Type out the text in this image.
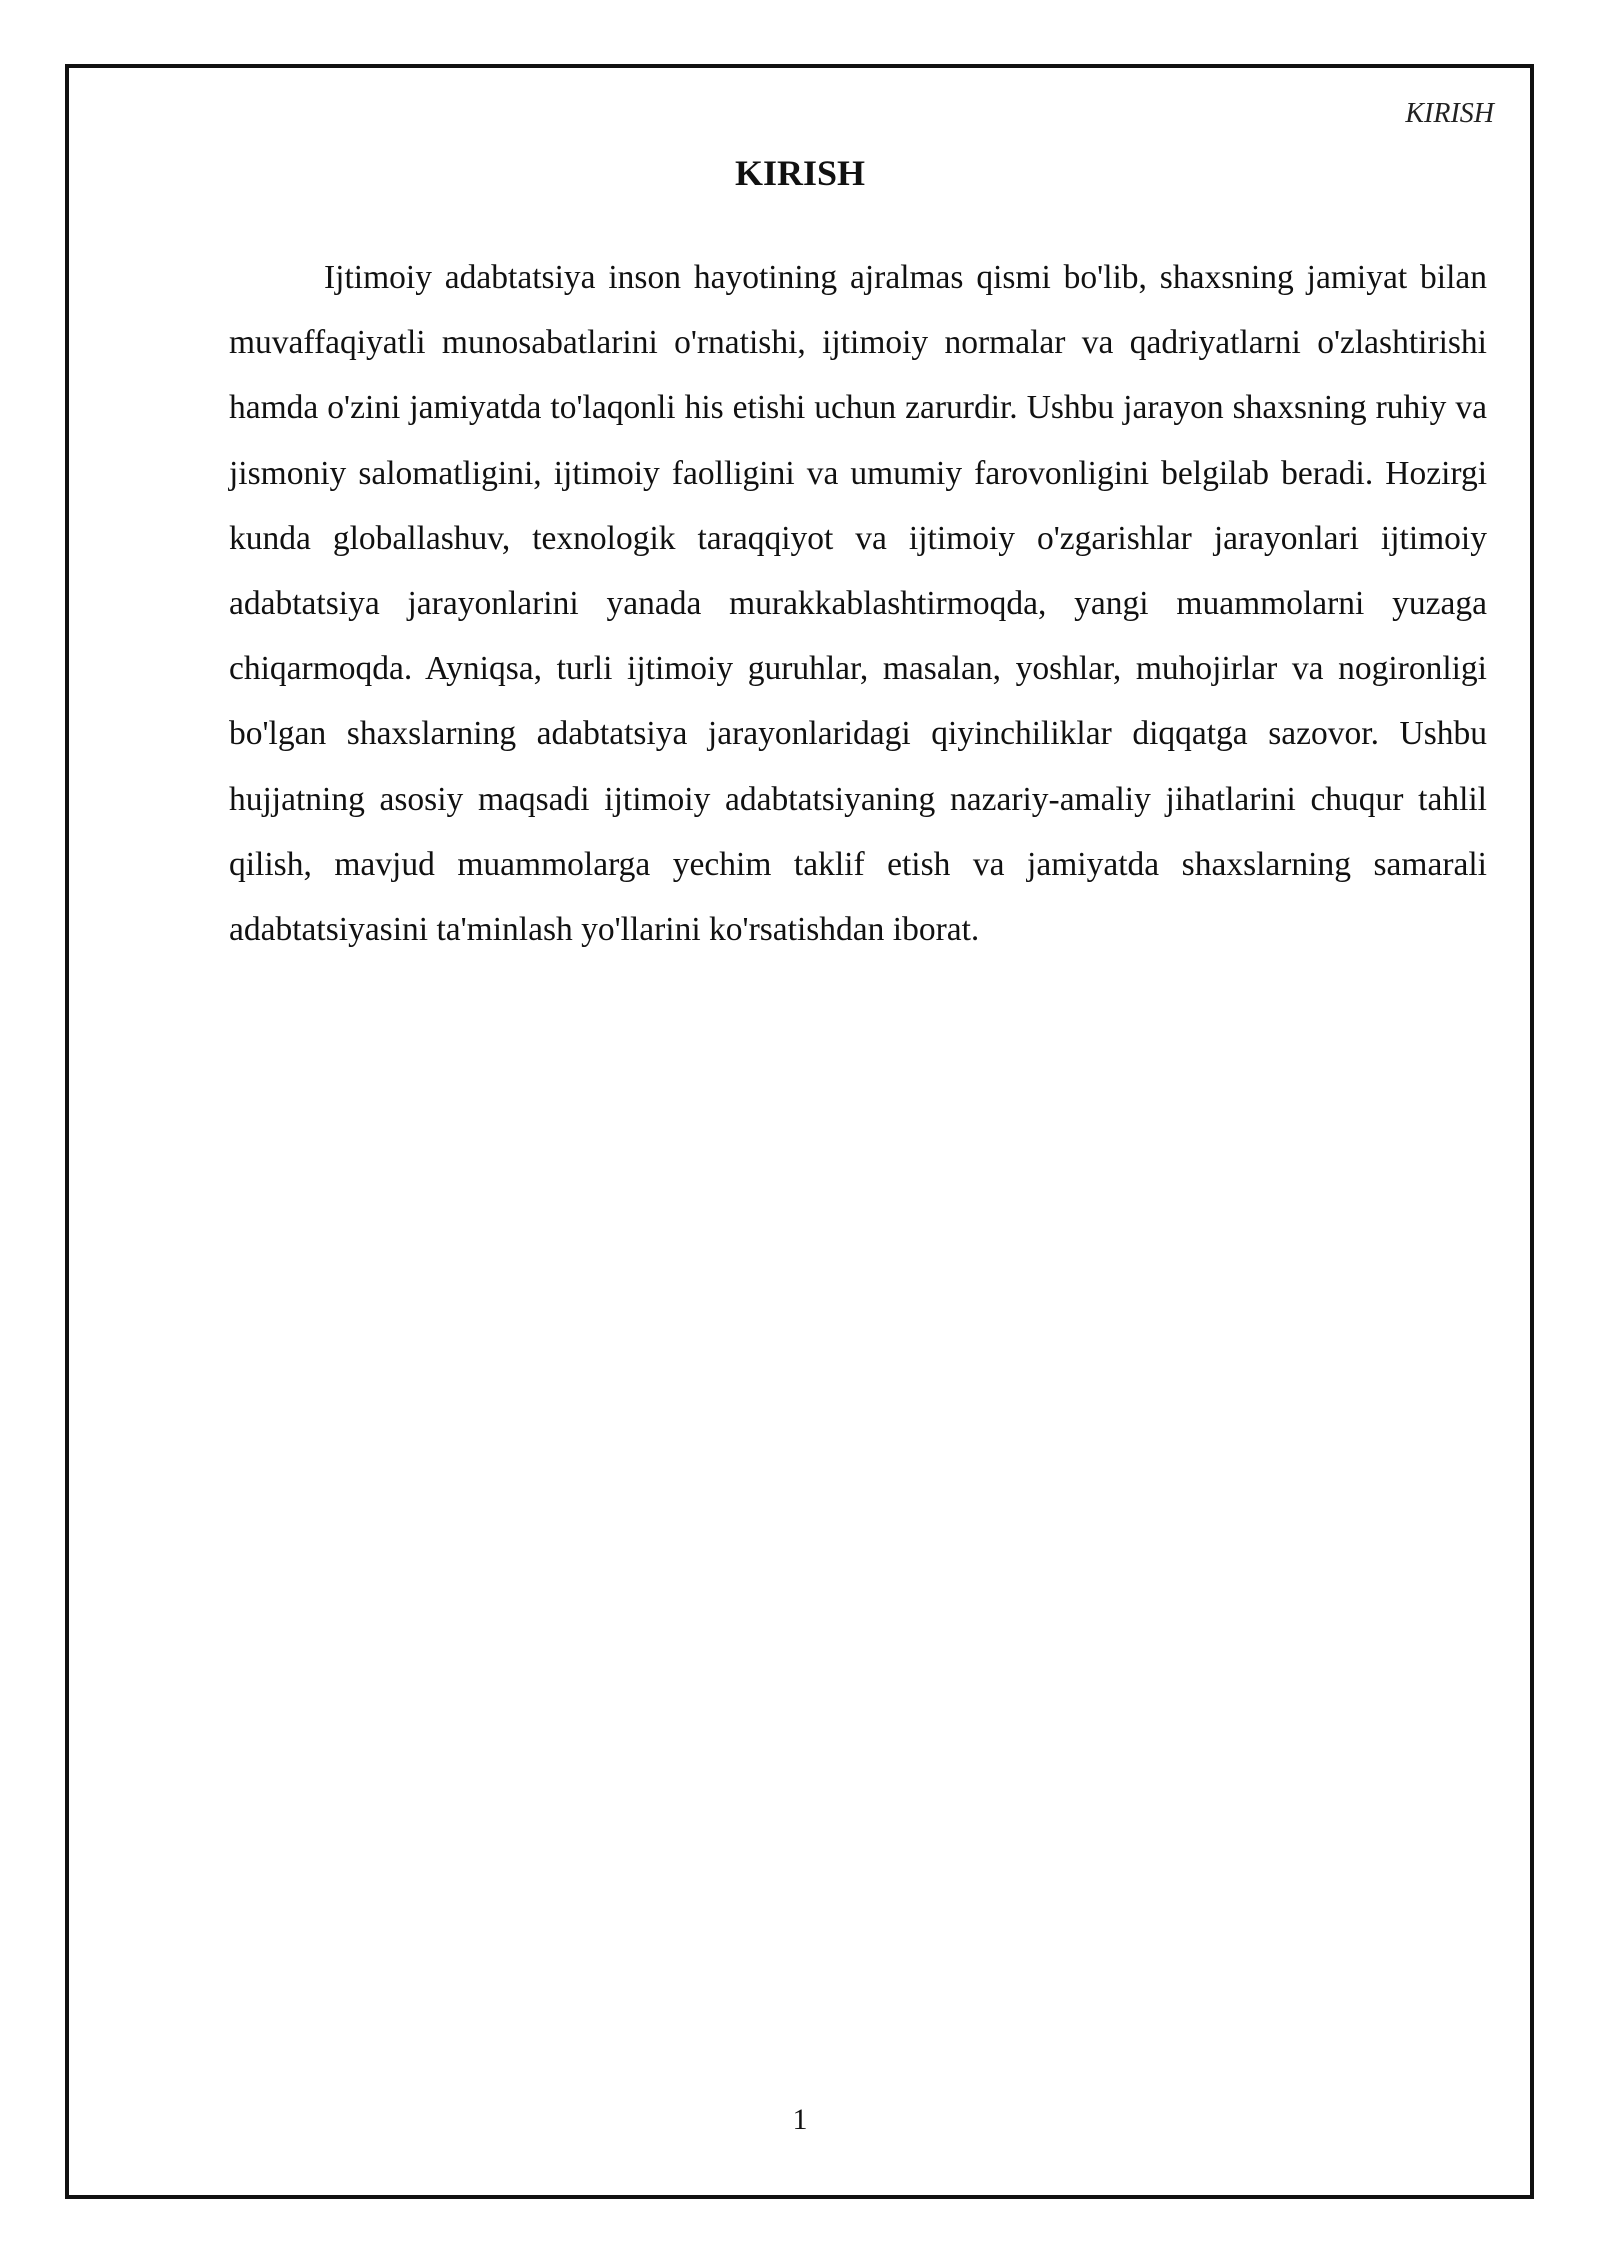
KIRISH
KIRISH

Ijtimoiy adabtatsiya inson hayotining ajralmas qismi bo'lib, shaxsning jamiyat bilan muvaffaqiyatli munosabatlarini o'rnatishi, ijtimoiy normalar va qadriyatlarni o'zlashtirishi hamda o'zini jamiyatda to'laqonli his etishi uchun zarurdir. Ushbu jarayon shaxsning ruhiy va jismoniy salomatligini, ijtimoiy faolligini va umumiy farovonligini belgilab beradi. Hozirgi kunda globallashuv, texnologik taraqqiyot va ijtimoiy o'zgarishlar jarayonlari ijtimoiy adabtatsiya jarayonlarini yanada murakkablashtirmoqda, yangi muammolarni yuzaga chiqarmoqda. Ayniqsa, turli ijtimoiy guruhlar, masalan, yoshlar, muhojirlar va nogironligi bo'lgan shaxslarning adabtatsiya jarayonlaridagi qiyinchiliklar diqqatga sazovor. Ushbu hujjatning asosiy maqsadi ijtimoiy adabtatsiyaning nazariy-amaliy jihatlarini chuqur tahlil qilish, mavjud muammolarga yechim taklif etish va jamiyatda shaxslarning samarali adabtatsiyasini ta'minlash yo'llarini ko'rsatishdan iborat.

1
